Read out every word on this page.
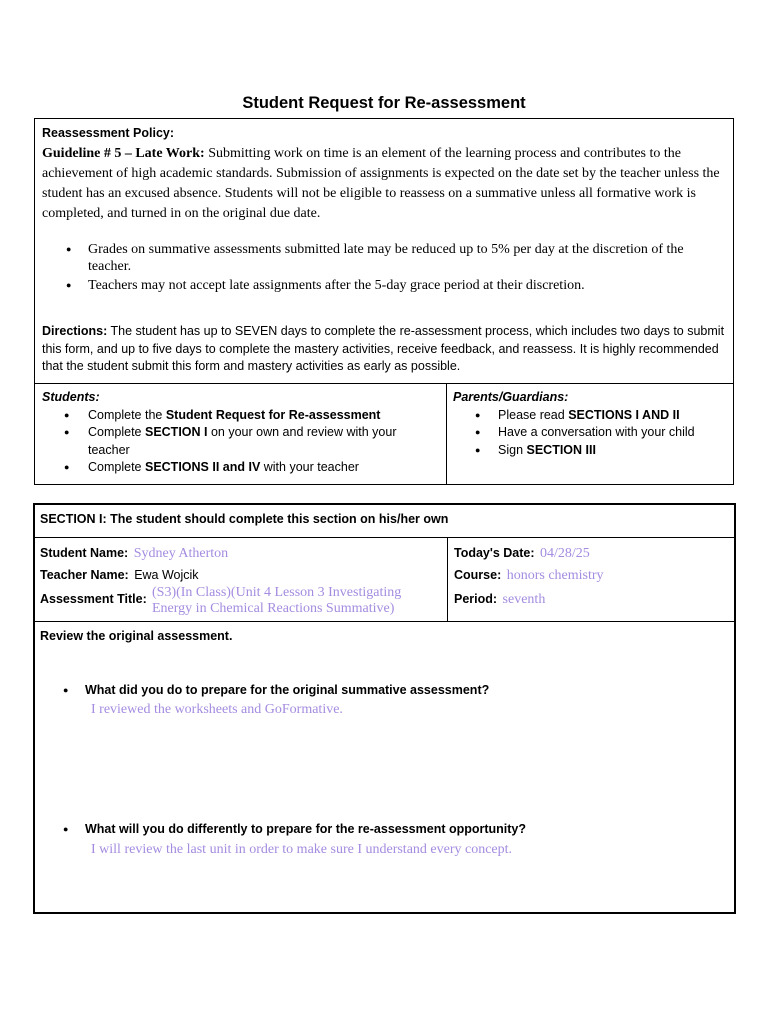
Student Request for Re-assessment
Reassessment Policy:
Guideline # 5 – Late Work: Submitting work on time is an element of the learning process and contributes to the achievement of high academic standards. Submission of assignments is expected on the date set by the teacher unless the student has an excused absence. Students will not be eligible to reassess on a summative unless all formative work is completed, and turned in on the original due date.
● Grades on summative assessments submitted late may be reduced up to 5% per day at the discretion of the teacher.
● Teachers may not accept late assignments after the 5-day grace period at their discretion.
Directions: The student has up to SEVEN days to complete the re-assessment process, which includes two days to submit this form, and up to five days to complete the mastery activities, receive feedback, and reassess. It is highly recommended that the student submit this form and mastery activities as early as possible.
Students:
● Complete the Student Request for Re-assessment
● Complete SECTION I on your own and review with your teacher
● Complete SECTIONS II and IV with your teacher
Parents/Guardians:
● Please read SECTIONS I AND II
● Have a conversation with your child
● Sign SECTION III
SECTION I: The student should complete this section on his/her own
Student Name: Sydney Atherton
Teacher Name: Ewa Wojcik
Assessment Title: (S3)(In Class)(Unit 4 Lesson 3 Investigating
Energy in Chemical Reactions Summative)
Today's Date: 04/28/25
Course: honors chemistry
Period: seventh
Review the original assessment.
● What did you do to prepare for the original summative assessment?
I reviewed the worksheets and GoFormative.
● What will you do differently to prepare for the re-assessment opportunity?
I will review the last unit in order to make sure I understand every concept.
